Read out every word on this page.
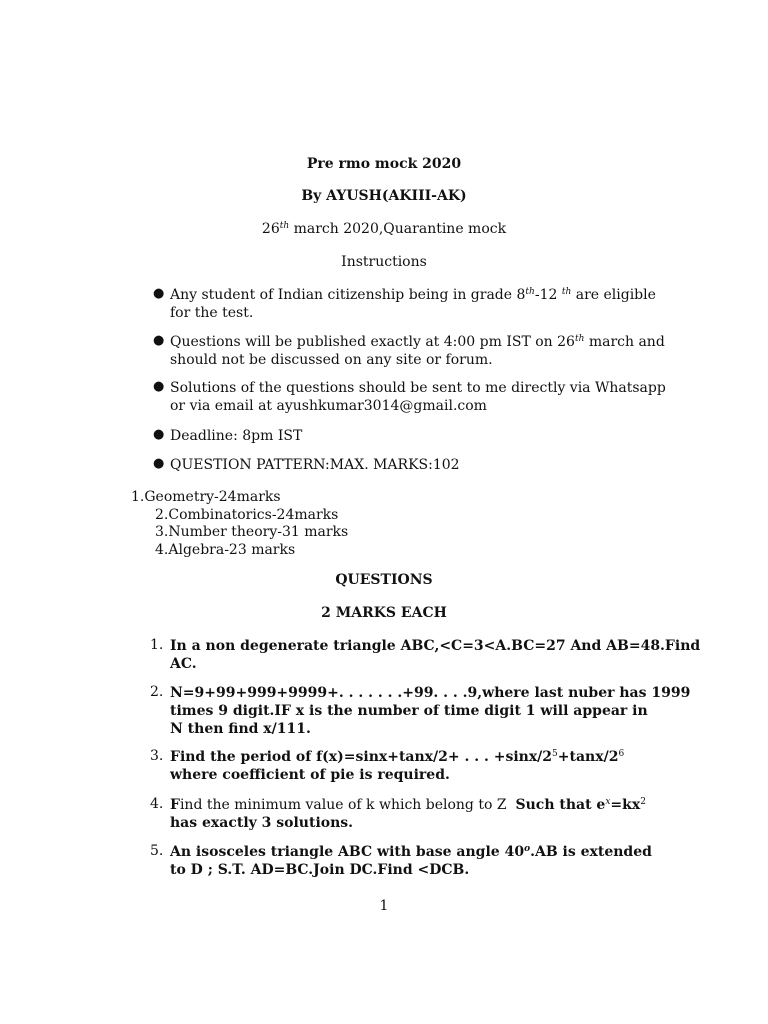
Pre rmo mock 2020
By AYUSH(AKIII-AK)
26th march 2020,Quarantine mock
Instructions
● Any student of Indian citizenship being in grade 8th-12 $^{th}$ are eligible
for the test.
● Questions will be published exactly at 4:00 pm IST on 26th march and
should not be discussed on any site or forum.
● Solutions of the questions should be sent to me directly via Whatsapp
or via email at ayushkumar3014@gmail.com
● Deadline: 8pm IST
● QUESTION PATTERN:MAX. MARKS:102
1.Geometry-24marks
2.Combinatorics-24marks
3.Number theory-31 marks
4.Algebra-23 marks
QUESTIONS
2 MARKS EACH
1. In a non degenerate triangle ABC,<C=3<A.BC=27 And AB=48.Find
AC.
2. N=9+99+999+9999+. . . . . . .+99. . . .9,where last nuber has 1999
times 9 digit.IF x is the number of time digit 1 will appear in
N then find x/111.
3. Find the period of f(x)=sinx+tanx/2+ . . . $+\sin x/2^5+\tan x/2^6$
where coefficient of pie is required.
4. Find the minimum value of k which belong to Z Such that $e^x=kx^2$
has exactly 3 solutions.
5. An isosceles triangle ABC with base angle 40$^o$.AB is extended
to D ; S.T. AD=BC.Join DC.Find <DCB.
1
